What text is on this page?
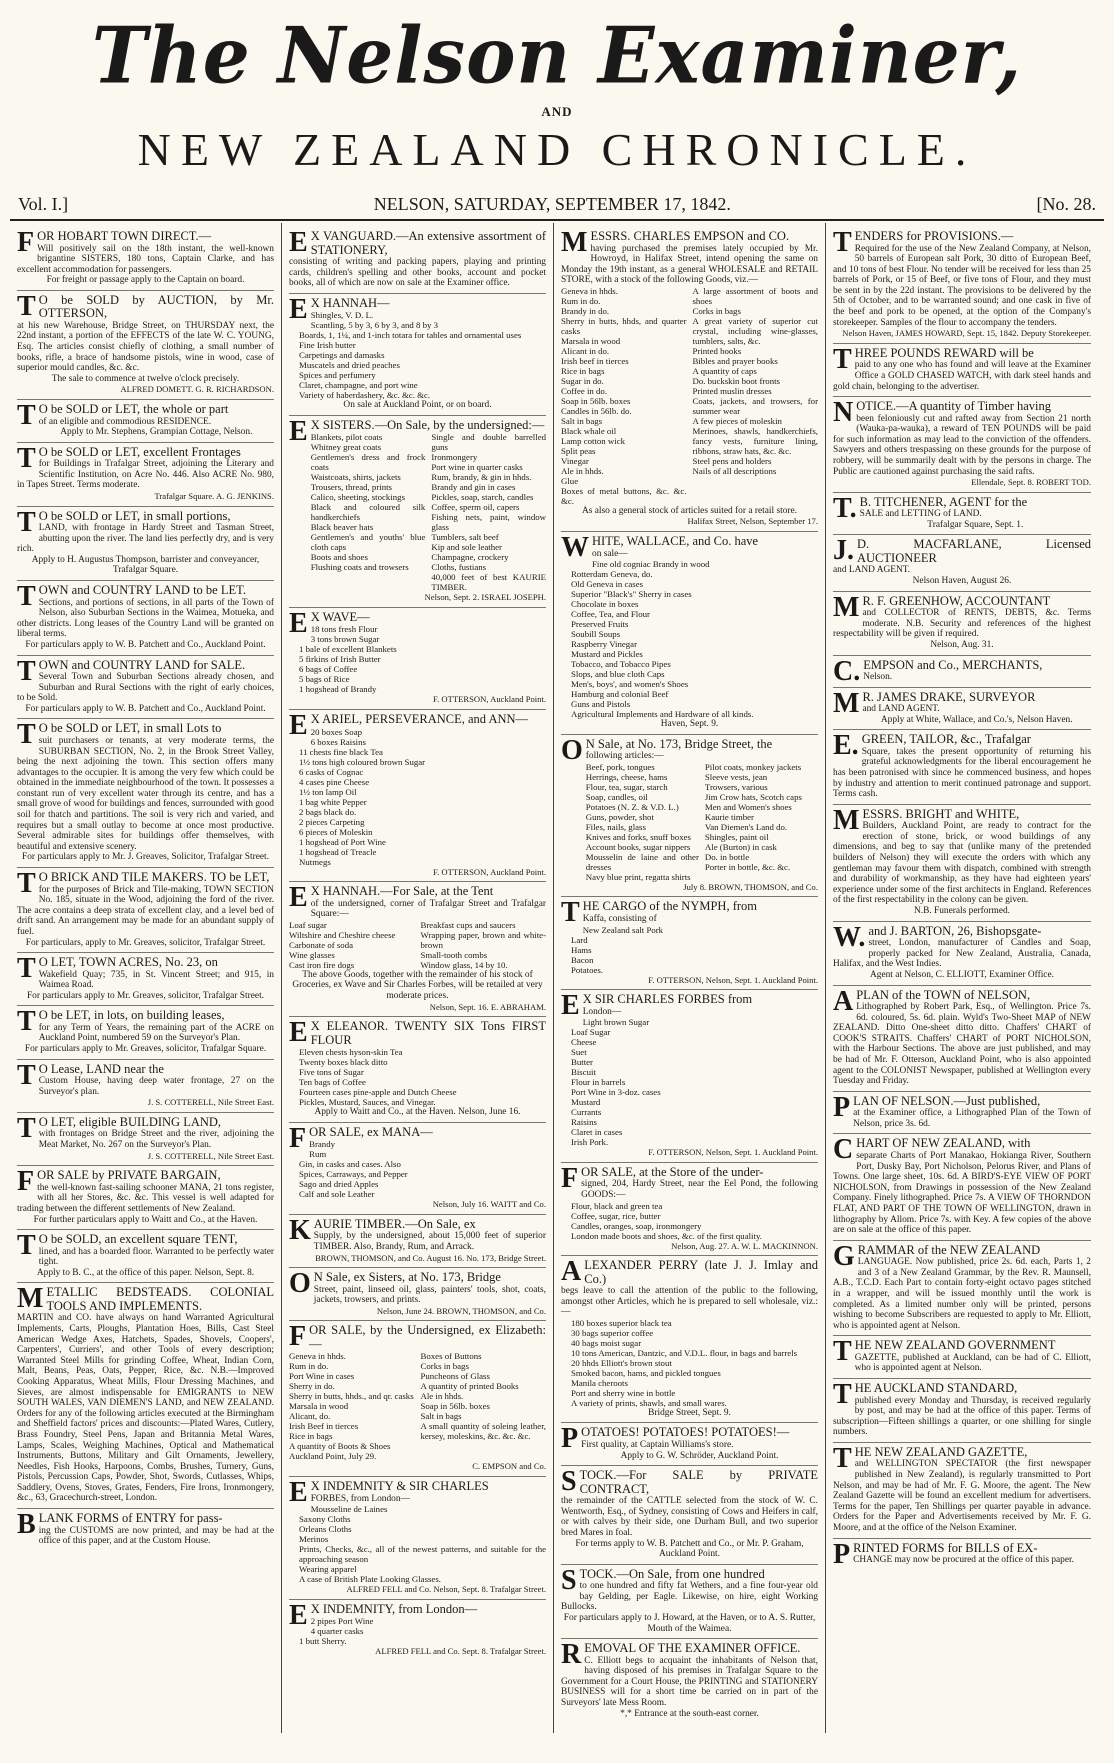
The Nelson Examiner,
AND
NEW ZEALAND CHRONICLE.
Vol. I.]	NELSON, SATURDAY, SEPTEMBER 17, 1842.	[No. 28.
FOR HOBART TOWN DIRECT.—
Will positively sail on the 18th instant, the well-known brigantine SISTERS, 180 tons, Captain Clarke, and has excellent accommodation for passengers.
For freight or passage apply to the Captain on board.
TO be SOLD by AUCTION, by Mr. OTTERSON,
at his new Warehouse, Bridge Street, on THURSDAY next, the 22nd instant, a portion of the EFFECTS of the late W. C. YOUNG, Esq. The articles consist chiefly of clothing, a small number of books, rifle, a brace of handsome pistols, wine in wood, case of superior mould candles, &c. &c.
The sale to commence at twelve o'clock precisely.
ALFRED DOMETT. G. R. RICHARDSON.
TO be SOLD or LET, the whole or part
of an eligible and commodious RESIDENCE.
Apply to Mr. Stephens, Grampian Cottage, Nelson.
TO be SOLD or LET, excellent Frontages
for Buildings in Trafalgar Street, adjoining the Literary and Scientific Institution, on Acre No. 446. Also ACRE No. 980, in Tapes Street. Terms moderate.
Trafalgar Square. A. G. JENKINS.
TO be SOLD or LET, in small portions,
LAND, with frontage in Hardy Street and Tasman Street, abutting upon the river. The land lies perfectly dry, and is very rich.
Apply to H. Augustus Thompson, barrister and conveyancer, Trafalgar Square.
TOWN and COUNTRY LAND to be LET.
Sections, and portions of sections, in all parts of the Town of Nelson, also Suburban Sections in the Waimea, Motueka, and other districts. Long leases of the Country Land will be granted on liberal terms.
For particulars apply to W. B. Patchett and Co., Auckland Point.
TOWN and COUNTRY LAND for SALE.
Several Town and Suburban Sections already chosen, and Suburban and Rural Sections with the right of early choices, to be Sold.
For particulars apply to W. B. Patchett and Co., Auckland Point.
TO be SOLD or LET, in small Lots to
suit purchasers or tenants, at very moderate terms, the SUBURBAN SECTION, No. 2, in the Brook Street Valley, being the next adjoining the town. This section offers many advantages to the occupier. It is among the very few which could be obtained in the immediate neighbourhood of the town. It possesses a constant run of very excellent water through its centre, and has a small grove of wood for buildings and fences, surrounded with good soil for thatch and partitions. The soil is very rich and varied, and requires but a small outlay to become at once most productive. Several admirable sites for buildings offer themselves, with beautiful and extensive scenery.
For particulars apply to Mr. J. Greaves, Solicitor, Trafalgar Street.
TO BRICK AND TILE MAKERS. TO be LET,
for the purposes of Brick and Tile-making, TOWN SECTION No. 185, situate in the Wood, adjoining the ford of the river. The acre contains a deep strata of excellent clay, and a level bed of drift sand. An arrangement may be made for an abundant supply of fuel.
For particulars, apply to Mr. Greaves, solicitor, Trafalgar Street.
TO LET, TOWN ACRES, No. 23, on
Wakefield Quay; 735, in St. Vincent Street; and 915, in Waimea Road.
For particulars apply to Mr. Greaves, solicitor, Trafalgar Street.
TO be LET, in lots, on building leases,
for any Term of Years, the remaining part of the ACRE on Auckland Point, numbered 59 on the Surveyor's Plan.
For particulars apply to Mr. Greaves, solicitor, Trafalgar Square.
TO Lease, LAND near the
Custom House, having deep water frontage, 27 on the Surveyor's plan.
J. S. COTTERELL, Nile Street East.
TO LET, eligible BUILDING LAND,
with frontages on Bridge Street and the river, adjoining the Meat Market, No. 267 on the Surveyor's Plan.
J. S. COTTERELL, Nile Street East.
FOR SALE by PRIVATE BARGAIN,
the well-known fast-sailing schooner MANA, 21 tons register, with all her Stores, &c. &c. This vessel is well adapted for trading between the different settlements of New Zealand.
For further particulars apply to Waitt and Co., at the Haven.
TO be SOLD, an excellent square TENT,
lined, and has a boarded floor. Warranted to be perfectly water tight.
Apply to B. C., at the office of this paper. Nelson, Sept. 8.
METALLIC BEDSTEADS. COLONIAL TOOLS AND IMPLEMENTS.
MARTIN and CO. have always on hand Warranted Agricultural Implements, Carts, Ploughs, Plantation Hoes, Bills, Cast Steel American Wedge Axes, Hatchets, Spades, Shovels, Coopers', Carpenters', Curriers', and other Tools of every description; Warranted Steel Mills for grinding Coffee, Wheat, Indian Corn, Malt, Beans, Peas, Oats, Pepper, Rice, &c. N.B.—Improved Cooking Apparatus, Wheat Mills, Flour Dressing Machines, and Sieves, are almost indispensable for EMIGRANTS to NEW SOUTH WALES, VAN DIEMEN'S LAND, and NEW ZEALAND. Orders for any of the following articles executed at the Birmingham and Sheffield factors' prices and discounts:—Plated Wares, Cutlery, Brass Foundry, Steel Pens, Japan and Britannia Metal Wares, Lamps, Scales, Weighing Machines, Optical and Mathematical Instruments, Buttons, Military and Gilt Ornaments, Jewellery, Needles, Fish Hooks, Harpoons, Combs, Brushes, Turnery, Guns, Pistols, Percussion Caps, Powder, Shot, Swords, Cutlasses, Whips, Saddlery, Ovens, Stoves, Grates, Fenders, Fire Irons, Ironmongery, &c., 63, Gracechurch-street, London.
BLANK FORMS of ENTRY for pass-
ing the CUSTOMS are now printed, and may be had at the office of this paper, and at the Custom House.
EX VANGUARD.—An extensive assortment of STATIONERY,
consisting of writing and packing papers, playing and printing cards, children's spelling and other books, account and pocket books, all of which are now on sale at the Examiner office.
EX HANNAH—
Shingles, V. D. L.
Scantling, 5 by 3, 6 by 3, and 8 by 3
Boards, 1, 1¼, and 1-inch totara for tables and ornamental uses
Fine Irish butter
Carpetings and damasks
Muscatels and dried peaches
Spices and perfumery
Claret, champagne, and port wine
Variety of haberdashery, &c. &c. &c.
On sale at Auckland Point, or on board.
EX SISTERS.—On Sale, by the undersigned:—
Blankets, pilot coats
Whitney great coats
Gentlemen's dress and frock coats
Waistcoats, shirts, jackets
Trousers, thread, prints
Calico, sheeting, stockings
Black and coloured silk handkerchiefs
Black beaver hats
Gentlemen's and youths' blue cloth caps
Boots and shoes
Flushing coats and trowsers
Single and double barrelled guns
Ironmongery
Port wine in quarter casks
Rum, brandy, & gin in hhds.
Brandy and gin in cases
Pickles, soap, starch, candles
Coffee, sperm oil, capers
Fishing nets, paint, window glass
Tumblers, salt beef
Kip and sole leather
Champagne, crockery
Cloths, fustians
40,000 feet of best KAURIE TIMBER.
Nelson, Sept. 2. ISRAEL JOSEPH.
EX WAVE—
18 tons fresh Flour
3 tons brown Sugar
1 bale of excellent Blankets
5 firkins of Irish Butter
6 bags of Coffee
5 bags of Rice
1 hogshead of Brandy
F. OTTERSON, Auckland Point.
EX ARIEL, PERSEVERANCE, and ANN—
20 boxes Soap
6 boxes Raisins
11 chests fine black Tea
1½ tons high coloured brown Sugar
6 casks of Cognac
4 cases pine Cheese
1½ ton lamp Oil
1 bag white Pepper
2 bags black do.
2 pieces Carpeting
6 pieces of Moleskin
1 hogshead of Port Wine
1 hogshead of Treacle
Nutmegs
F. OTTERSON, Auckland Point.
EX HANNAH.—For Sale, at the Tent
of the undersigned, corner of Trafalgar Street and Trafalgar Square:—
Loaf sugar
Wiltshire and Cheshire cheese
Carbonate of soda
Wine glasses
Cast iron fire dogs
Breakfast cups and saucers
Wrapping paper, brown and white-brown
Small-tooth combs
Window glass, 14 by 10.
The above Goods, together with the remainder of his stock of Groceries, ex Wave and Sir Charles Forbes, will be retailed at very moderate prices.
Nelson, Sept. 16. E. ABRAHAM.
EX ELEANOR. TWENTY SIX Tons FIRST FLOUR
Eleven chests hyson-skin Tea
Twenty boxes black ditto
Five tons of Sugar
Ten bags of Coffee
Fourteen cases pine-apple and Dutch Cheese
Pickles, Mustard, Sauces, and Vinegar.
Apply to Waitt and Co., at the Haven. Nelson, June 16.
FOR SALE, ex MANA—
Brandy
Rum
Gin, in casks and cases. Also
Spices, Carraways, and Pepper
Sago and dried Apples
Calf and sole Leather
Nelson, July 16. WAITT and Co.
KAURIE TIMBER.—On Sale, ex
Supply, by the undersigned, about 15,000 feet of superior TIMBER. Also, Brandy, Rum, and Arrack.
BROWN, THOMSON, and Co. August 16. No. 173, Bridge Street.
ON Sale, ex Sisters, at No. 173, Bridge
Street, paint, linseed oil, glass, painters' tools, shot, coats, jackets, trowsers, and prints.
Nelson, June 24. BROWN, THOMSON, and Co.
FOR SALE, by the Undersigned, ex Elizabeth:—
Geneva in hhds.
Rum in do.
Port Wine in cases
Sherry in do.
Sherry in butts, hhds., and qr. casks
Marsala in wood
Alicant, do.
Irish Beef in tierces
Rice in bags
A quantity of Boots & Shoes
Auckland Point, July 29.
Boxes of Buttons
Corks in bags
Puncheons of Glass
A quantity of printed Books
Ale in hhds.
Soap in 56lb. boxes
Salt in bags
A small quantity of soleing leather, kersey, moleskins, &c. &c. &c.
C. EMPSON and Co.
EX INDEMNITY & SIR CHARLES
FORBES, from London—
Mousseline de Laines
Saxony Cloths
Orleans Cloths
Merinos
Prints, Checks, &c., all of the newest patterns, and suitable for the approaching season
Wearing apparel
A case of British Plate Looking Glasses.
ALFRED FELL and Co. Nelson, Sept. 8. Trafalgar Street.
EX INDEMNITY, from London—
2 pipes Port Wine
4 quarter casks
1 butt Sherry.
ALFRED FELL and Co. Sept. 8. Trafalgar Street.
MESSRS. CHARLES EMPSON and CO.
having purchased the premises lately occupied by Mr. Howroyd, in Halifax Street, intend opening the same on Monday the 19th instant, as a general WHOLESALE and RETAIL STORE, with a stock of the following Goods, viz.—
Geneva in hhds.
Rum in do.
Brandy in do.
Sherry in butts, hhds, and quarter casks
Marsala in wood
Alicant in do.
Irish beef in tierces
Rice in bags
Sugar in do.
Coffee in do.
Soap in 56lb. boxes
Candles in 56lb. do.
Salt in bags
Black whale oil
Lamp cotton wick
Split peas
Vinegar
Ale in hhds.
Glue
Boxes of metal buttons, &c. &c. &c.
A large assortment of boots and shoes
Corks in bags
A great variety of superior cut crystal, including wine-glasses, tumblers, salts, &c.
Printed books
Bibles and prayer books
A quantity of caps
Do. buckskin boot fronts
Printed muslin dresses
Coats, jackets, and trowsers, for summer wear
A few pieces of moleskin
Merinoes, shawls, handkerchiefs, fancy vests, furniture lining, ribbons, straw hats, &c. &c.
Steel pens and holders
Nails of all descriptions
As also a general stock of articles suited for a retail store.
Halifax Street, Nelson, September 17.
WHITE, WALLACE, and Co. have
on sale—
Fine old cogniac Brandy in wood
Rotterdam Geneva, do.
Old Geneva in cases
Superior "Black's" Sherry in cases
Chocolate in boxes
Coffee, Tea, and Flour
Preserved Fruits
Soubill Soups
Raspberry Vinegar
Mustard and Pickles
Tobacco, and Tobacco Pipes
Slops, and blue cloth Caps
Men's, boys', and women's Shoes
Hamburg and colonial Beef
Guns and Pistols
Agricultural Implements and Hardware of all kinds.
Haven, Sept. 9.
ON Sale, at No. 173, Bridge Street, the
following articles:—
Beef, pork, tongues
Herrings, cheese, hams
Flour, tea, sugar, starch
Soap, candles, oil
Potatoes (N. Z. & V.D. L.)
Guns, powder, shot
Files, nails, glass
Knives and forks, snuff boxes
Account books, sugar nippers
Mousselin de laine and other dresses
Navy blue print, regatta shirts
Pilot coats, monkey jackets
Sleeve vests, jean
Trowsers, various
Jim Crow hats, Scotch caps
Men and Women's shoes
Kaurie timber
Van Diemen's Land do.
Shingles, paint oil
Ale (Burton) in cask
Do. in bottle
Porter in bottle, &c. &c.
July 8. BROWN, THOMSON, and Co.
THE CARGO of the NYMPH, from
Kaffa, consisting of
New Zealand salt Pork
Lard
Hams
Bacon
Potatoes.
F. OTTERSON, Nelson, Sept. 1. Auckland Point.
EX SIR CHARLES FORBES from
London—
Light brown Sugar
Loaf Sugar
Cheese
Suet
Butter
Biscuit
Flour in barrels
Port Wine in 3-doz. cases
Mustard
Currants
Raisins
Claret in cases
Irish Pork.
F. OTTERSON, Nelson, Sept. 1. Auckland Point.
FOR SALE, at the Store of the under-
signed, 204, Hardy Street, near the Eel Pond, the following GOODS:—
Flour, black and green tea
Coffee, sugar, rice, butter
Candles, oranges, soap, ironmongery
London made boots and shoes, &c. of the first quality.
Nelson, Aug. 27. A. W. L. MACKINNON.
ALEXANDER PERRY (late J. J. Imlay and Co.)
begs leave to call the attention of the public to the following, amongst other Articles, which he is prepared to sell wholesale, viz.:—
180 boxes superior black tea
30 bags superior coffee
40 bags moist sugar
10 tons American, Dantzic, and V.D.L. flour, in bags and barrels
20 hhds Elliott's brown stout
Smoked bacon, hams, and pickled tongues
Manila cheroots
Port and sherry wine in bottle
A variety of prints, shawls, and small wares.
Bridge Street, Sept. 9.
POTATOES! POTATOES! POTATOES!—
First quality, at Captain Williams's store.
Apply to G. W. Schröder, Auckland Point.
STOCK.—For SALE by PRIVATE CONTRACT,
the remainder of the CATTLE selected from the stock of W. C. Wentworth, Esq., of Sydney, consisting of Cows and Heifers in calf, or with calves by their side, one Durham Bull, and two superior bred Mares in foal.
For terms apply to W. B. Patchett and Co., or Mr. P. Graham, Auckland Point.
STOCK.—On Sale, from one hundred
to one hundred and fifty fat Wethers, and a fine four-year old bay Gelding, per Eagle. Likewise, on hire, eight Working Bullocks.
For particulars apply to J. Howard, at the Haven, or to A. S. Rutter, Mouth of the Waimea.
REMOVAL OF THE EXAMINER OFFICE.
C. Elliott begs to acquaint the inhabitants of Nelson that, having disposed of his premises in Trafalgar Square to the Government for a Court House, the PRINTING and STATIONERY BUSINESS will for a short time be carried on in part of the Surveyors' late Mess Room.
*,* Entrance at the south-east corner.
TENDERS for PROVISIONS.—
Required for the use of the New Zealand Company, at Nelson, 50 barrels of European salt Pork, 30 ditto of European Beef, and 10 tons of best Flour. No tender will be received for less than 25 barrels of Pork, or 15 of Beef, or five tons of Flour, and they must be sent in by the 22d instant. The provisions to be delivered by the 5th of October, and to be warranted sound; and one cask in five of the beef and pork to be opened, at the option of the Company's storekeeper. Samples of the flour to accompany the tenders.
Nelson Haven, JAMES HOWARD, Sept. 15, 1842. Deputy Storekeeper.
THREE POUNDS REWARD will be
paid to any one who has found and will leave at the Examiner Office a GOLD CHASED WATCH, with dark steel hands and gold chain, belonging to the advertiser.
NOTICE.—A quantity of Timber having
been feloniously cut and rafted away from Section 21 north (Wauka-pa-wauka), a reward of TEN POUNDS will be paid for such information as may lead to the conviction of the offenders. Sawyers and others trespassing on these grounds for the purpose of robbery, will be summarily dealt with by the persons in charge. The Public are cautioned against purchasing the said rafts.
Ellendale, Sept. 8. ROBERT TOD.
T.B. TITCHENER, AGENT for the
SALE and LETTING of LAND.
Trafalgar Square, Sept. 1.
J.D. MACFARLANE, Licensed AUCTIONEER
and LAND AGENT.
Nelson Haven, August 26.
MR. F. GREENHOW, ACCOUNTANT
and COLLECTOR of RENTS, DEBTS, &c. Terms moderate. N.B. Security and references of the highest respectability will be given if required.
Nelson, Aug. 31.
C.EMPSON and Co., MERCHANTS,
Nelson.
MR. JAMES DRAKE, SURVEYOR
and LAND AGENT.
Apply at White, Wallace, and Co.'s, Nelson Haven.
E.GREEN, TAILOR, &c., Trafalgar
Square, takes the present opportunity of returning his grateful acknowledgments for the liberal encouragement he has been patronised with since he commenced business, and hopes by industry and attention to merit continued patronage and support. Terms cash.
MESSRS. BRIGHT and WHITE,
Builders, Auckland Point, are ready to contract for the erection of stone, brick, or wood buildings of any dimensions, and beg to say that (unlike many of the pretended builders of Nelson) they will execute the orders with which any gentleman may favour them with dispatch, combined with strength and durability of workmanship, as they have had eighteen years' experience under some of the first architects in England. References of the first respectability in the colony can be given.
N.B. Funerals performed.
W.and J. BARTON, 26, Bishopsgate-
street, London, manufacturer of Candles and Soap, properly packed for New Zealand, Australia, Canada, Halifax, and the West Indies.
Agent at Nelson, C. ELLIOTT, Examiner Office.
APLAN of the TOWN of NELSON,
Lithographed by Robert Park, Esq., of Wellington. Price 7s. 6d. coloured, 5s. 6d. plain. Wyld's Two-Sheet MAP of NEW ZEALAND. Ditto One-sheet ditto ditto. Chaffers' CHART of COOK'S STRAITS. Chaffers' CHART of PORT NICHOLSON, with the Harbour Sections. The above are just published, and may be had of Mr. F. Otterson, Auckland Point, who is also appointed agent to the COLONIST Newspaper, published at Wellington every Tuesday and Friday.
PLAN OF NELSON.—Just published,
at the Examiner office, a Lithographed Plan of the Town of Nelson, price 3s. 6d.
CHART OF NEW ZEALAND, with
separate Charts of Port Manakao, Hokianga River, Southern Port, Dusky Bay, Port Nicholson, Pelorus River, and Plans of Towns. One large sheet, 10s. 6d. A BIRD'S-EYE VIEW OF PORT NICHOLSON, from Drawings in possession of the New Zealand Company. Finely lithographed. Price 7s. A VIEW OF THORNDON FLAT, AND PART OF THE TOWN OF WELLINGTON, drawn in lithography by Allom. Price 7s. with Key. A few copies of the above are on sale at the office of this paper.
GRAMMAR of the NEW ZEALAND
LANGUAGE. Now published, price 2s. 6d. each, Parts 1, 2 and 3 of a New Zealand Grammar, by the Rev. R. Maunsell, A.B., T.C.D. Each Part to contain forty-eight octavo pages stitched in a wrapper, and will be issued monthly until the work is completed. As a limited number only will be printed, persons wishing to become Subscribers are requested to apply to Mr. Elliott, who is appointed agent at Nelson.
THE NEW ZEALAND GOVERNMENT
GAZETTE, published at Auckland, can be had of C. Elliott, who is appointed agent at Nelson.
THE AUCKLAND STANDARD,
published every Monday and Thursday, is received regularly by post, and may be had at the office of this paper. Terms of subscription—Fifteen shillings a quarter, or one shilling for single numbers.
THE NEW ZEALAND GAZETTE,
and WELLINGTON SPECTATOR (the first newspaper published in New Zealand), is regularly transmitted to Port Nelson, and may be had of Mr. F. G. Moore, the agent. The New Zealand Gazette will be found an excellent medium for advertisers. Terms for the paper, Ten Shillings per quarter payable in advance. Orders for the Paper and Advertisements received by Mr. F. G. Moore, and at the office of the Nelson Examiner.
PRINTED FORMS for BILLS of EX-
CHANGE may now be procured at the office of this paper.
